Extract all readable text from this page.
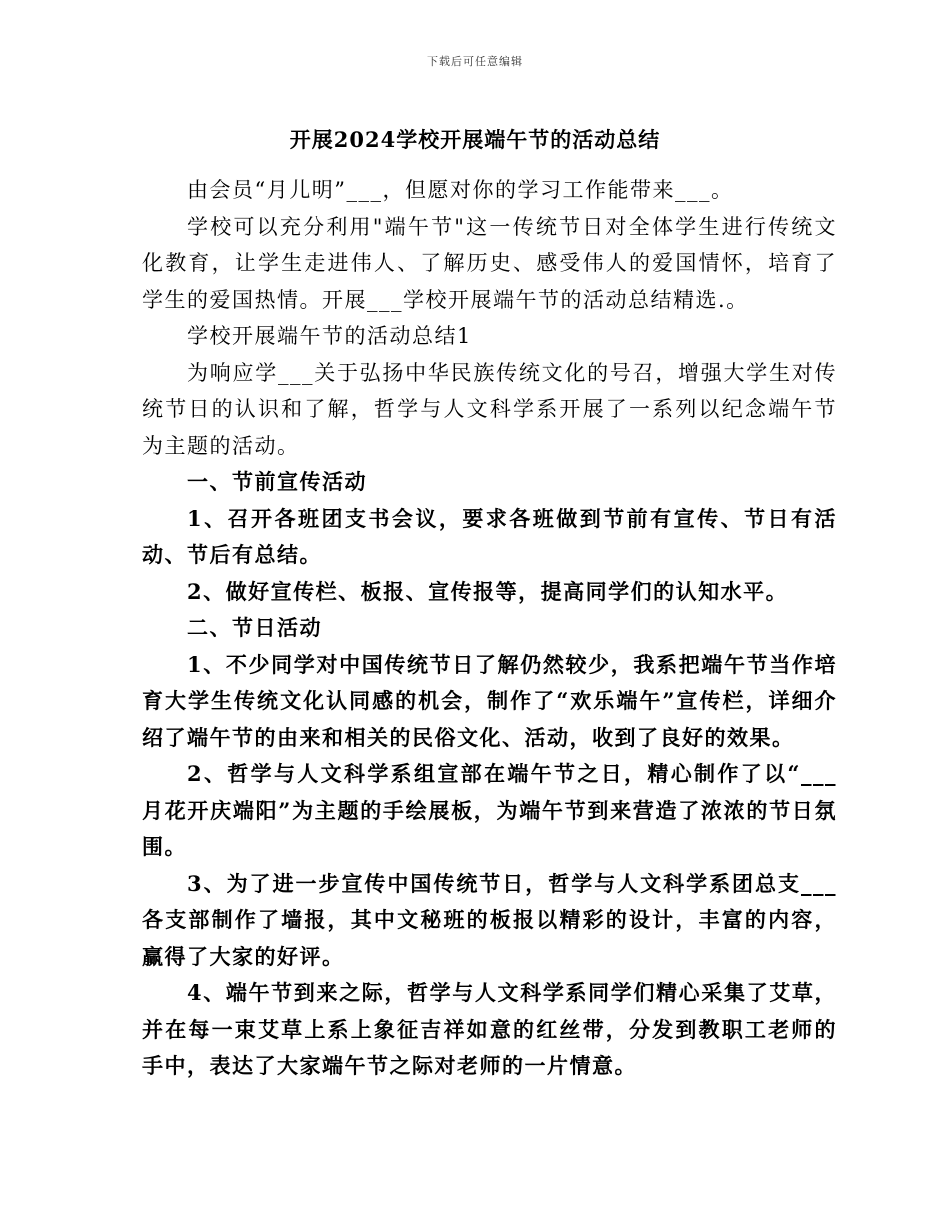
下载后可任意编辑
开展2024学校开展端午节的活动总结

由会员“月儿明”___，但愿对你的学习工作能带来___。

学校可以充分利用"端午节"这一传统节日对全体学生进行传统文化教育，让学生走进伟人、了解历史、感受伟人的爱国情怀，培育了学生的爱国热情。开展___学校开展端午节的活动总结精选.。

学校开展端午节的活动总结1

为响应学___关于弘扬中华民族传统文化的号召，增强大学生对传统节日的认识和了解，哲学与人文科学系开展了一系列以纪念端午节为主题的活动。

一、节前宣传活动

1、召开各班团支书会议，要求各班做到节前有宣传、节日有活动、节后有总结。

2、做好宣传栏、板报、宣传报等，提高同学们的认知水平。

二、节日活动

1、不少同学对中国传统节日了解仍然较少，我系把端午节当作培育大学生传统文化认同感的机会，制作了“欢乐端午”宣传栏，详细介绍了端午节的由来和相关的民俗文化、活动，收到了良好的效果。

2、哲学与人文科学系组宣部在端午节之日，精心制作了以“___月花开庆端阳”为主题的手绘展板，为端午节到来营造了浓浓的节日氛围。

3、为了进一步宣传中国传统节日，哲学与人文科学系团总支___各支部制作了墙报，其中文秘班的板报以精彩的设计，丰富的内容，赢得了大家的好评。

4、端午节到来之际，哲学与人文科学系同学们精心采集了艾草，并在每一束艾草上系上象征吉祥如意的红丝带，分发到教职工老师的手中，表达了大家端午节之际对老师的一片情意。
